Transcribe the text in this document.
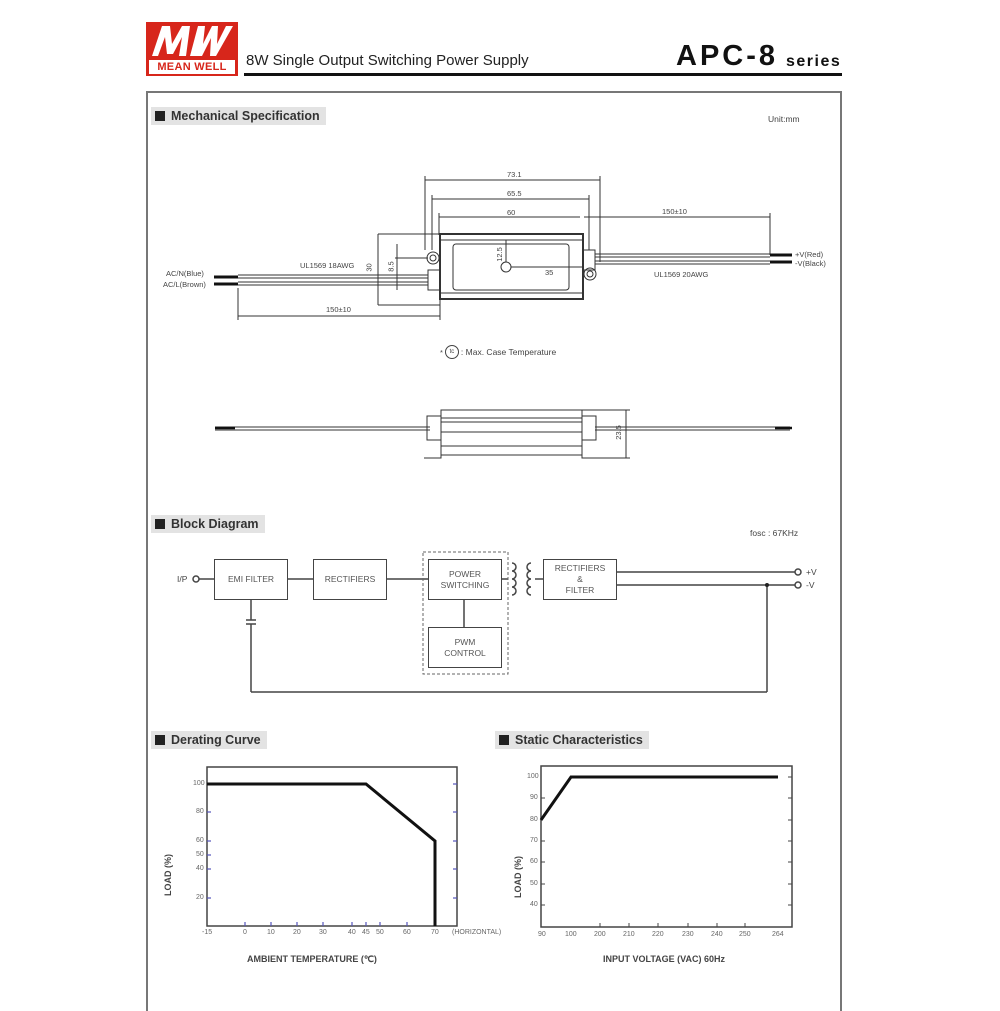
MEAN WELL	8W Single Output Switching Power Supply	APC-8 series
Mechanical Specification	Unit:mm
73.1
65.5
60	150±10
150±10
30 8.5
12.5
35
23.5
UL1569 18AWG
UL1569 20AWG
AC/N(Blue)
AC/L(Brown)
+V(Red)
-V(Black)
*	tc : Max. Case Temperature
Block Diagram
fosc : 67KHz
I/P	EMI FILTER	RECTIFIERS
POWER SWITCHING
PWM CONTROL
RECTIFIERS
&
FILTER
+V
-V
Derating Curve
100
80
60
50
40
20
-15	0	10	20	30	40 45 50	60	70 (HORIZONTAL)
AMBIENT TEMPERATURE (℃)
LOAD (%)
Static Characteristics
100
90
80
70
60
50
40
90	100 200 210 220	230 240 250	264
INPUT VOLTAGE (VAC) 60Hz
LOAD (%)
